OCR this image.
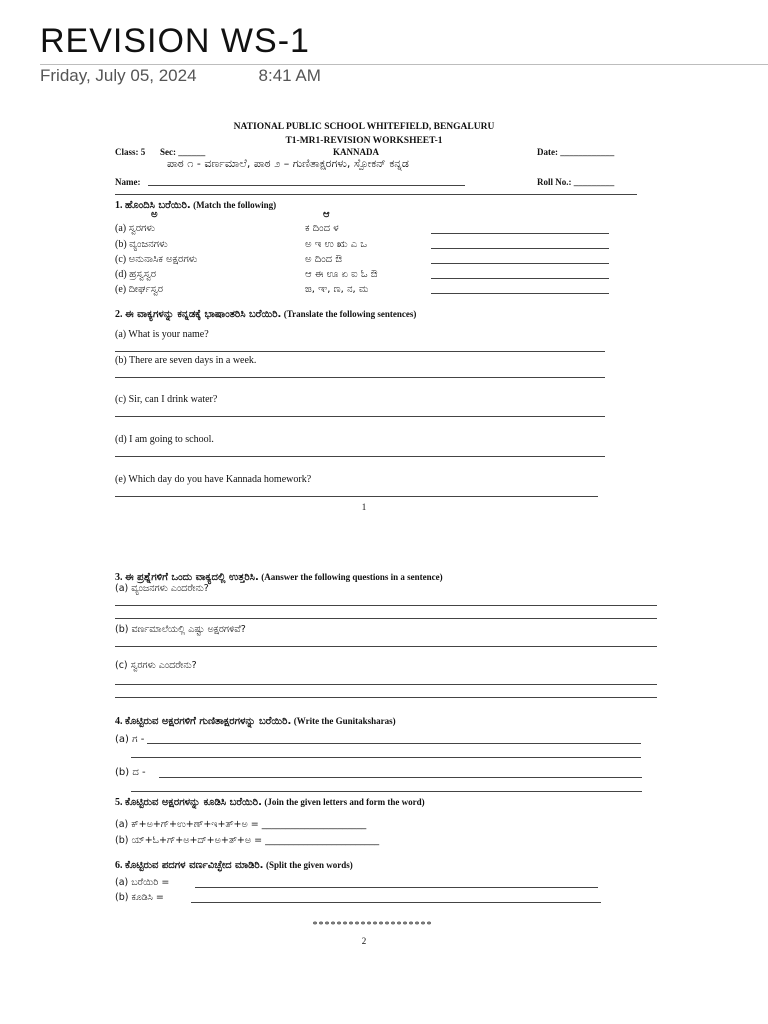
REVISION WS-1
Friday, July 05, 2024	8:41 AM
NATIONAL PUBLIC SCHOOL WHITEFIELD, BENGALURU
T1-MR1-REVISION WORKSHEET-1
Class: 5 Sec: ______	KANNADA	Date: ____________
ಪಾಠ ೧ - ವರ್ಣಮಾಲೆ, ಪಾಠ ೨ – ಗುಣಿತಾಕ್ಷರಗಳು, ಸ್ಪೋಕನ್ ಕನ್ನಡ
Name:	Roll No.: _________
1. ಹೊಂದಿಸಿ ಬರೆಯಿರಿ. (Match the following)
ಅ	ಆ
(a) ಸ್ವರಗಳು	ಕ ದಿಂದ ಳ
(b) ವ್ಯಂಜನಗಳು	ಅ ಇ ಉ ಋ ಎ ಒ
(c) ಅನುನಾಸಿಕ ಅಕ್ಷರಗಳು	ಅ ದಿಂದ ಔ
(d) ಹ್ರಸ್ವಸ್ವರ	ಆ ಈ ಊ ಏ ಐ ಓ ಔ
(e) ದೀರ್ಘಸ್ವರ	ಙ, ಞ, ಣ, ನ, ಮ
2. ಈ ವಾಕ್ಯಗಳನ್ನು ಕನ್ನಡಕ್ಕೆ ಭಾಷಾಂತರಿಸಿ ಬರೆಯಿರಿ. (Translate the following sentences)
(a) What is your name?
(b) There are seven days in a week.
(c) Sir, can I drink water?
(d) I am going to school.
(e) Which day do you have Kannada homework?
1
3. ಈ ಪ್ರಶ್ನೆಗಳಿಗೆ ಒಂದು ವಾಕ್ಯದಲ್ಲಿ ಉತ್ತರಿಸಿ. (Aanswer the following questions in a sentence)
(a) ವ್ಯಂಜನಗಳು ಎಂದರೇನು?
(b) ವರ್ಣಮಾಲೆಯಲ್ಲಿ ಎಷ್ಟು ಅಕ್ಷರಗಳಿವೆ?
(c) ಸ್ವರಗಳು ಎಂದರೇನು?
4. ಕೊಟ್ಟಿರುವ ಅಕ್ಷರಗಳಿಗೆ ಗುಣಿತಾಕ್ಷರಗಳನ್ನು ಬರೆಯಿರಿ. (Write the Gunitaksharas)
(a) ಗ -
(b) ದ -
5. ಕೊಟ್ಟಿರುವ ಅಕ್ಷರಗಳನ್ನು ಕೂಡಿಸಿ ಬರೆಯಿರಿ. (Join the given letters and form the word)
(a) ಕ್+ಅ+ಗ್+ಉ+ಣ್+ಇ+ತ್+ಅ = ______________________
(b) ಯ್+ಓ+ಗ್+ಅ+ದ್+ಅ+ತ್+ಅ = ________________________
6. ಕೊಟ್ಟಿರುವ ಪದಗಳ ವರ್ಣವಿಚ್ಛೇದ ಮಾಡಿರಿ. (Split the given words)
(a) ಬರೆಯಿರಿ =
(b) ಕೂಡಿಸಿ =
********************
2
